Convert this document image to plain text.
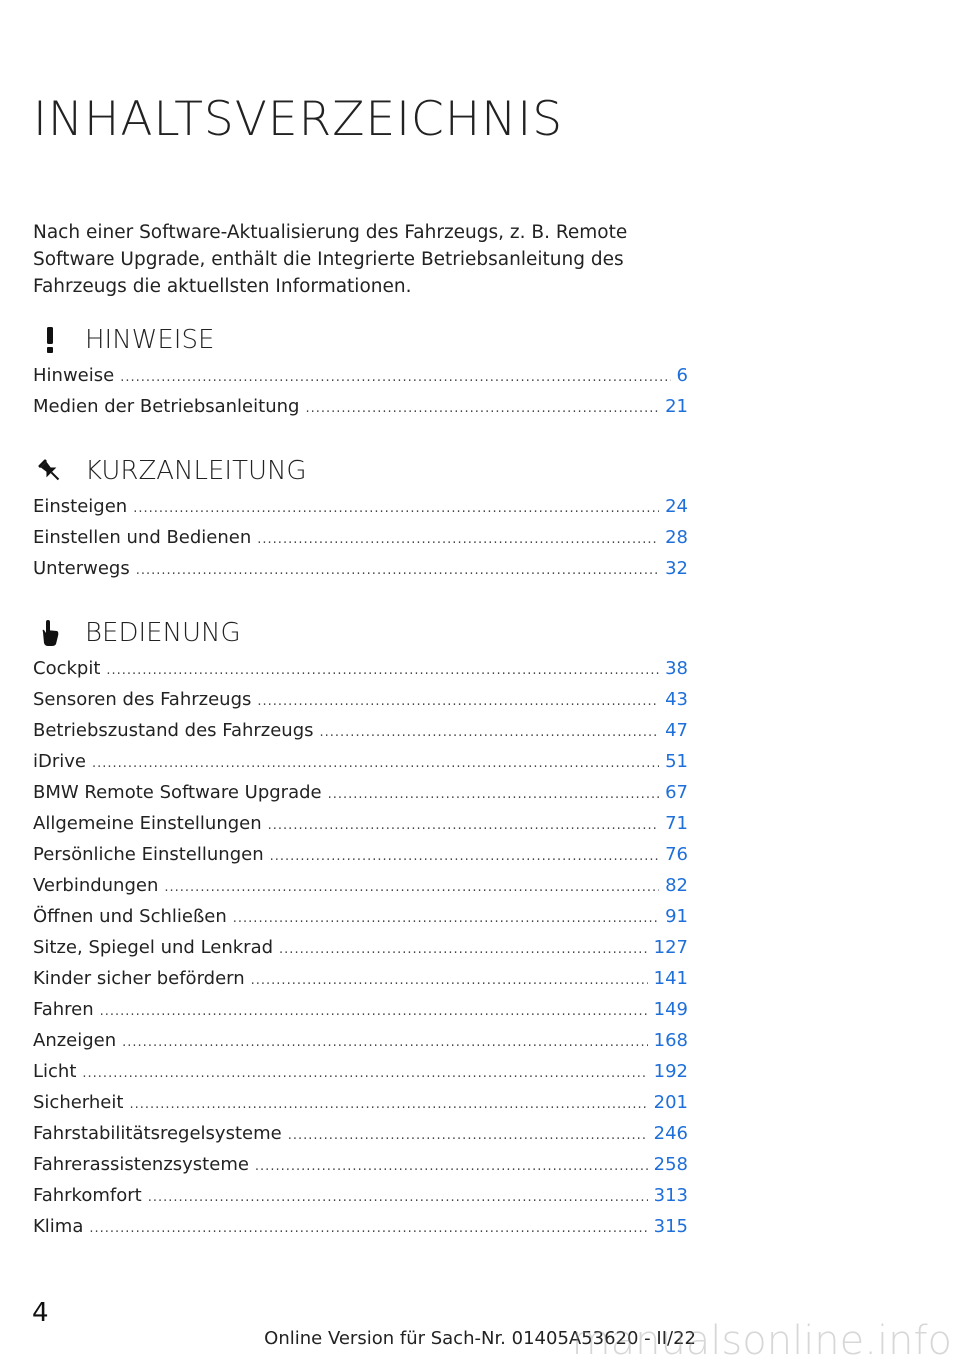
INHALTSVERZEICHNIS

Nach einer Software-Aktualisierung des Fahrzeugs, z. B. Remote Software Upgrade, enthält die Integrierte Betriebsanleitung des Fahrzeugs die aktuellsten Informationen.

HINWEISE
Hinweise .....	6
Medien der Betriebsanleitung .....	21
KURZANLEITUNG
Einsteigen .....	24
Einstellen und Bedienen .....	28
Unterwegs .....	32
BEDIENUNG
Cockpit .....	38
Sensoren des Fahrzeugs .....	43
Betriebszustand des Fahrzeugs .....	47
iDrive .....	51
BMW Remote Software Upgrade .....	67
Allgemeine Einstellungen .....	71
Persönliche Einstellungen .....	76
Verbindungen .....	82
Öffnen und Schließen .....	91
Sitze, Spiegel und Lenkrad .....	127
Kinder sicher befördern .....	141
Fahren .....	149
Anzeigen .....	168
Licht .....	192
Sicherheit .....	201
Fahrstabilitätsregelsysteme .....	246
Fahrerassistenzsysteme .....	258
Fahrkomfort .....	313
Klima .....	315
4
Online Version für Sach-Nr. 01405A53620 - II/22
manualsonline.info
